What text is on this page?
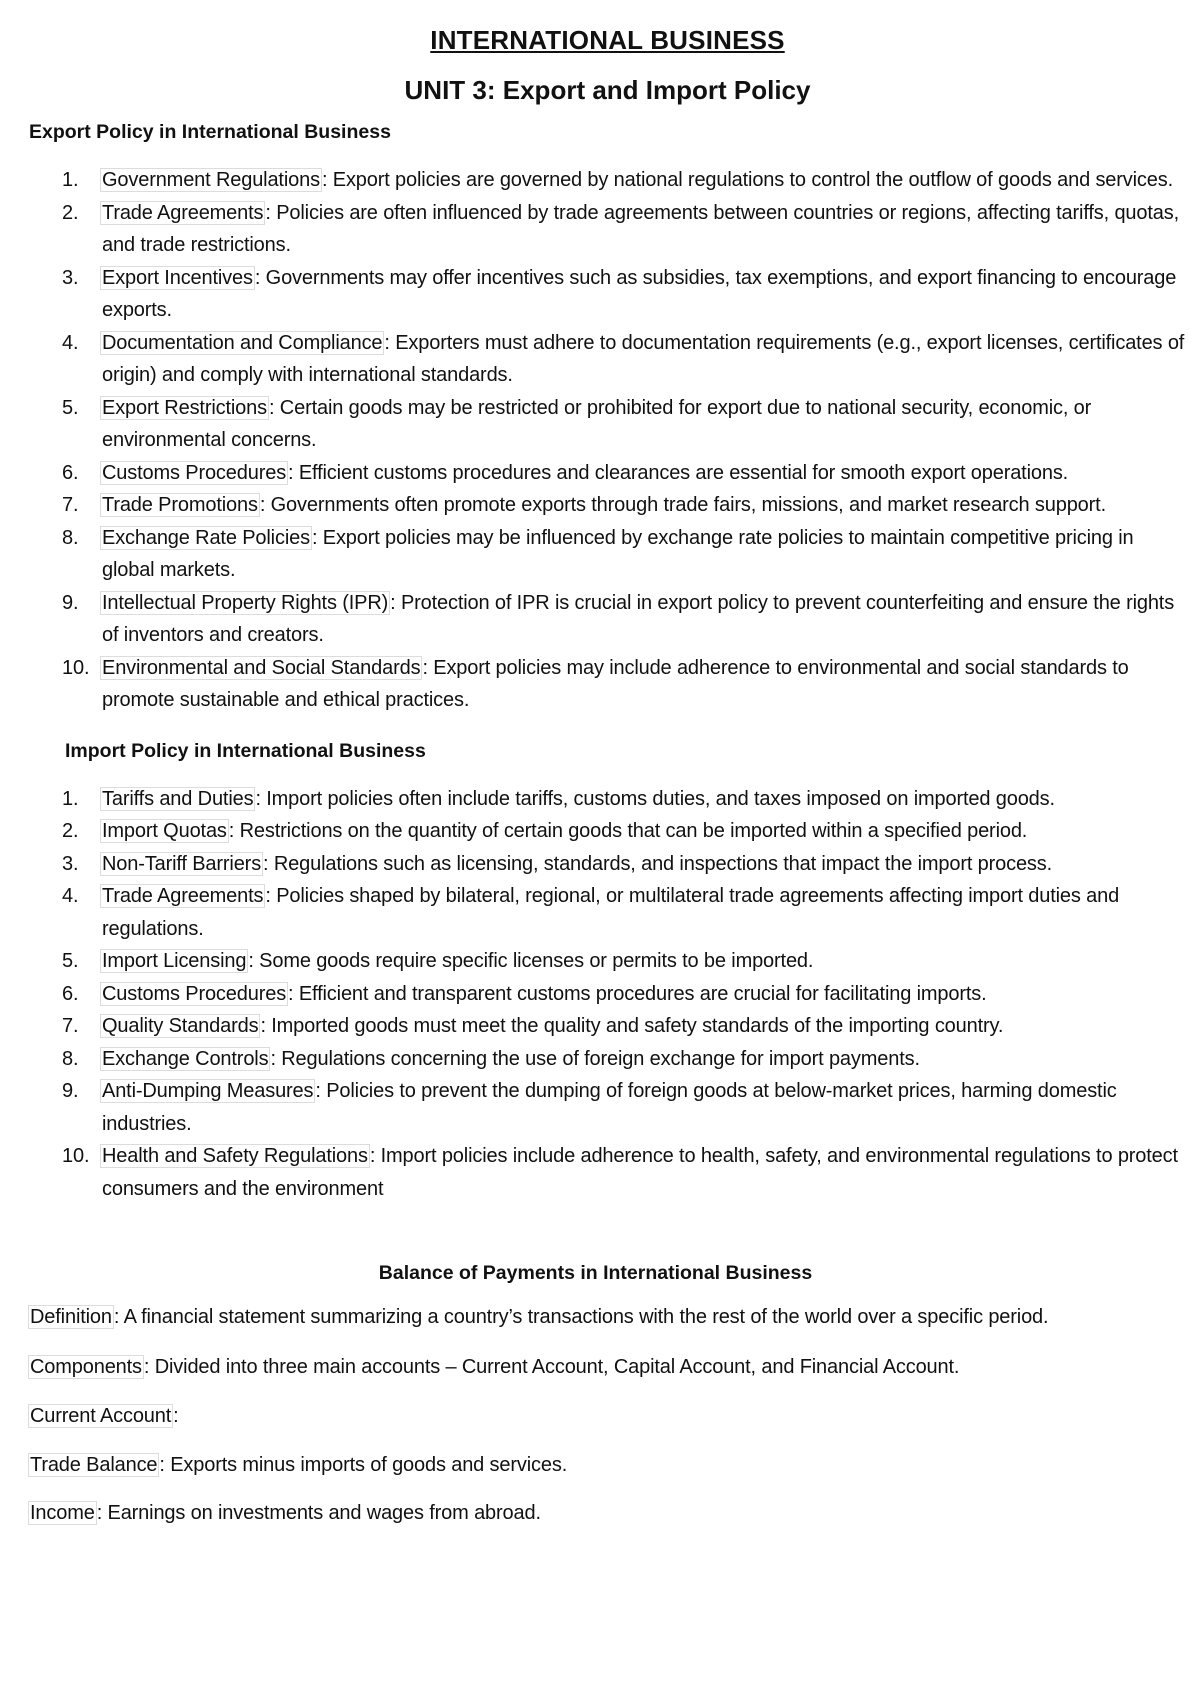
INTERNATIONAL BUSINESS
UNIT 3: Export and Import Policy
Export Policy in International Business
1.	Government Regulations : Export policies are governed by national regulations to control the outflow of goods and services.
2.	Trade Agreements : Policies are often influenced by trade agreements between countries or regions, affecting tariffs, quotas, and trade restrictions.
3.	Export Incentives : Governments may offer incentives such as subsidies, tax exemptions, and export financing to encourage exports.
4.	Documentation and Compliance : Exporters must adhere to documentation requirements (e.g., export licenses, certificates of origin) and comply with international standards.
5.	Export Restrictions : Certain goods may be restricted or prohibited for export due to national security, economic, or environmental concerns.
6.	Customs Procedures : Efficient customs procedures and clearances are essential for smooth export operations.
7.	Trade Promotions : Governments often promote exports through trade fairs, missions, and market research support.
8.	Exchange Rate Policies : Export policies may be influenced by exchange rate policies to maintain competitive pricing in global markets.
9.	Intellectual Property Rights (IPR) : Protection of IPR is crucial in export policy to prevent counterfeiting and ensure the rights of inventors and creators.
10. Environmental and Social Standards : Export policies may include adherence to environmental and social standards to promote sustainable and ethical practices.
Import Policy in International Business
1.	Tariffs and Duties : Import policies often include tariffs, customs duties, and taxes imposed on imported goods.
2.	Import Quotas : Restrictions on the quantity of certain goods that can be imported within a specified period.
3.	Non-Tariff Barriers : Regulations such as licensing, standards, and inspections that impact the import process.
4.	Trade Agreements : Policies shaped by bilateral, regional, or multilateral trade agreements affecting import duties and regulations.
5.	Import Licensing : Some goods require specific licenses or permits to be imported.
6.	Customs Procedures : Efficient and transparent customs procedures are crucial for facilitating imports.
7.	Quality Standards : Imported goods must meet the quality and safety standards of the importing country.
8.	Exchange Controls : Regulations concerning the use of foreign exchange for import payments.
9.	Anti-Dumping Measures : Policies to prevent the dumping of foreign goods at below-market prices, harming domestic industries.
10. Health and Safety Regulations : Import policies include adherence to health, safety, and environmental regulations to protect consumers and the environment
Balance of Payments in International Business

Definition : A financial statement summarizing a country’s transactions with the rest of the world over a specific period.

Components : Divided into three main accounts – Current Account, Capital Account, and Financial Account.

Current Account :

Trade Balance : Exports minus imports of goods and services.

Income : Earnings on investments and wages from abroad.
